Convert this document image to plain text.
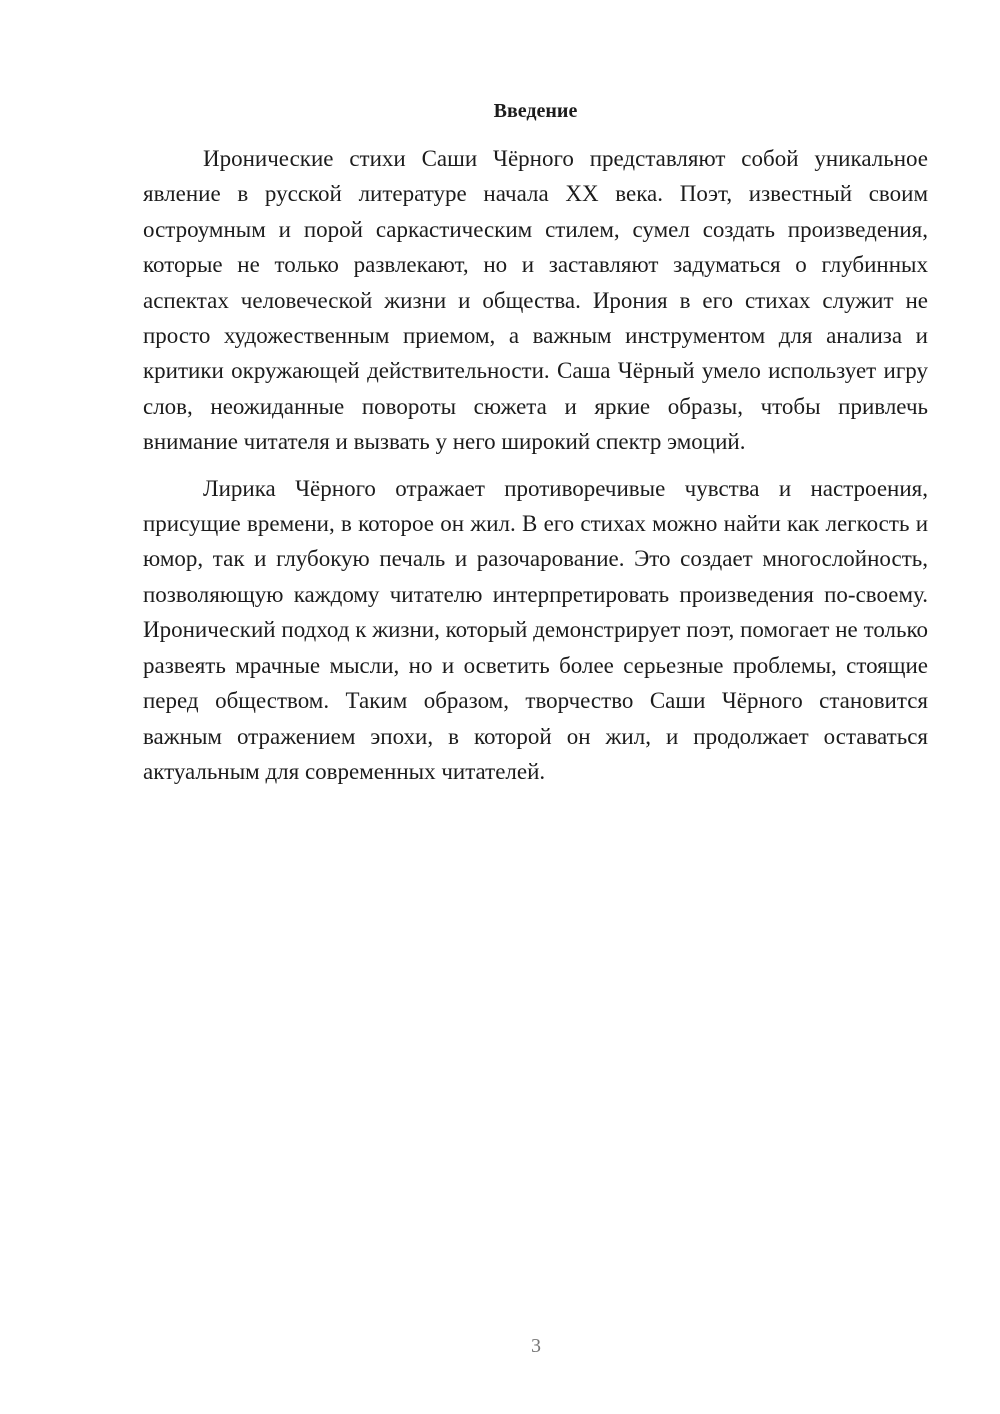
Введение

Иронические стихи Саши Чёрного представляют собой уникальное явление в русской литературе начала XX века. Поэт, известный своим остроумным и порой саркастическим стилем, сумел создать произведения, которые не только развлекают, но и заставляют задуматься о глубинных аспектах человеческой жизни и общества. Ирония в его стихах служит не просто художественным приемом, а важным инструментом для анализа и критики окружающей действительности. Саша Чёрный умело использует игру слов, неожиданные повороты сюжета и яркие образы, чтобы привлечь внимание читателя и вызвать у него широкий спектр эмоций.

Лирика Чёрного отражает противоречивые чувства и настроения, присущие времени, в которое он жил. В его стихах можно найти как легкость и юмор, так и глубокую печаль и разочарование. Это создает многослойность, позволяющую каждому читателю интерпретировать произведения по-своему. Иронический подход к жизни, который демонстрирует поэт, помогает не только развеять мрачные мысли, но и осветить более серьезные проблемы, стоящие перед обществом. Таким образом, творчество Саши Чёрного становится важным отражением эпохи, в которой он жил, и продолжает оставаться актуальным для современных читателей.

3
